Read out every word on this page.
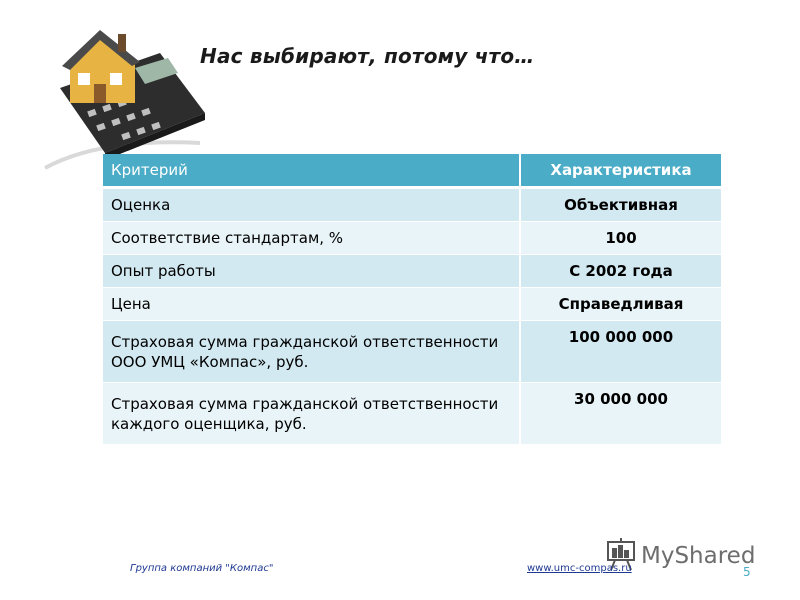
Нас выбирают, потому что…
Критерий	Характеристика
Оценка	Объективная
Соответствие стандартам, %	100
Опыт работы	С 2002 года
Цена	Справедливая
Страховая сумма гражданской ответственности ООО УМЦ «Компас», руб.	100 000 000
Страховая сумма гражданской ответственности каждого оценщика, руб.	30 000 000
MyShared
Группа компаний "Компас"	www.umc-compas.ru	5
